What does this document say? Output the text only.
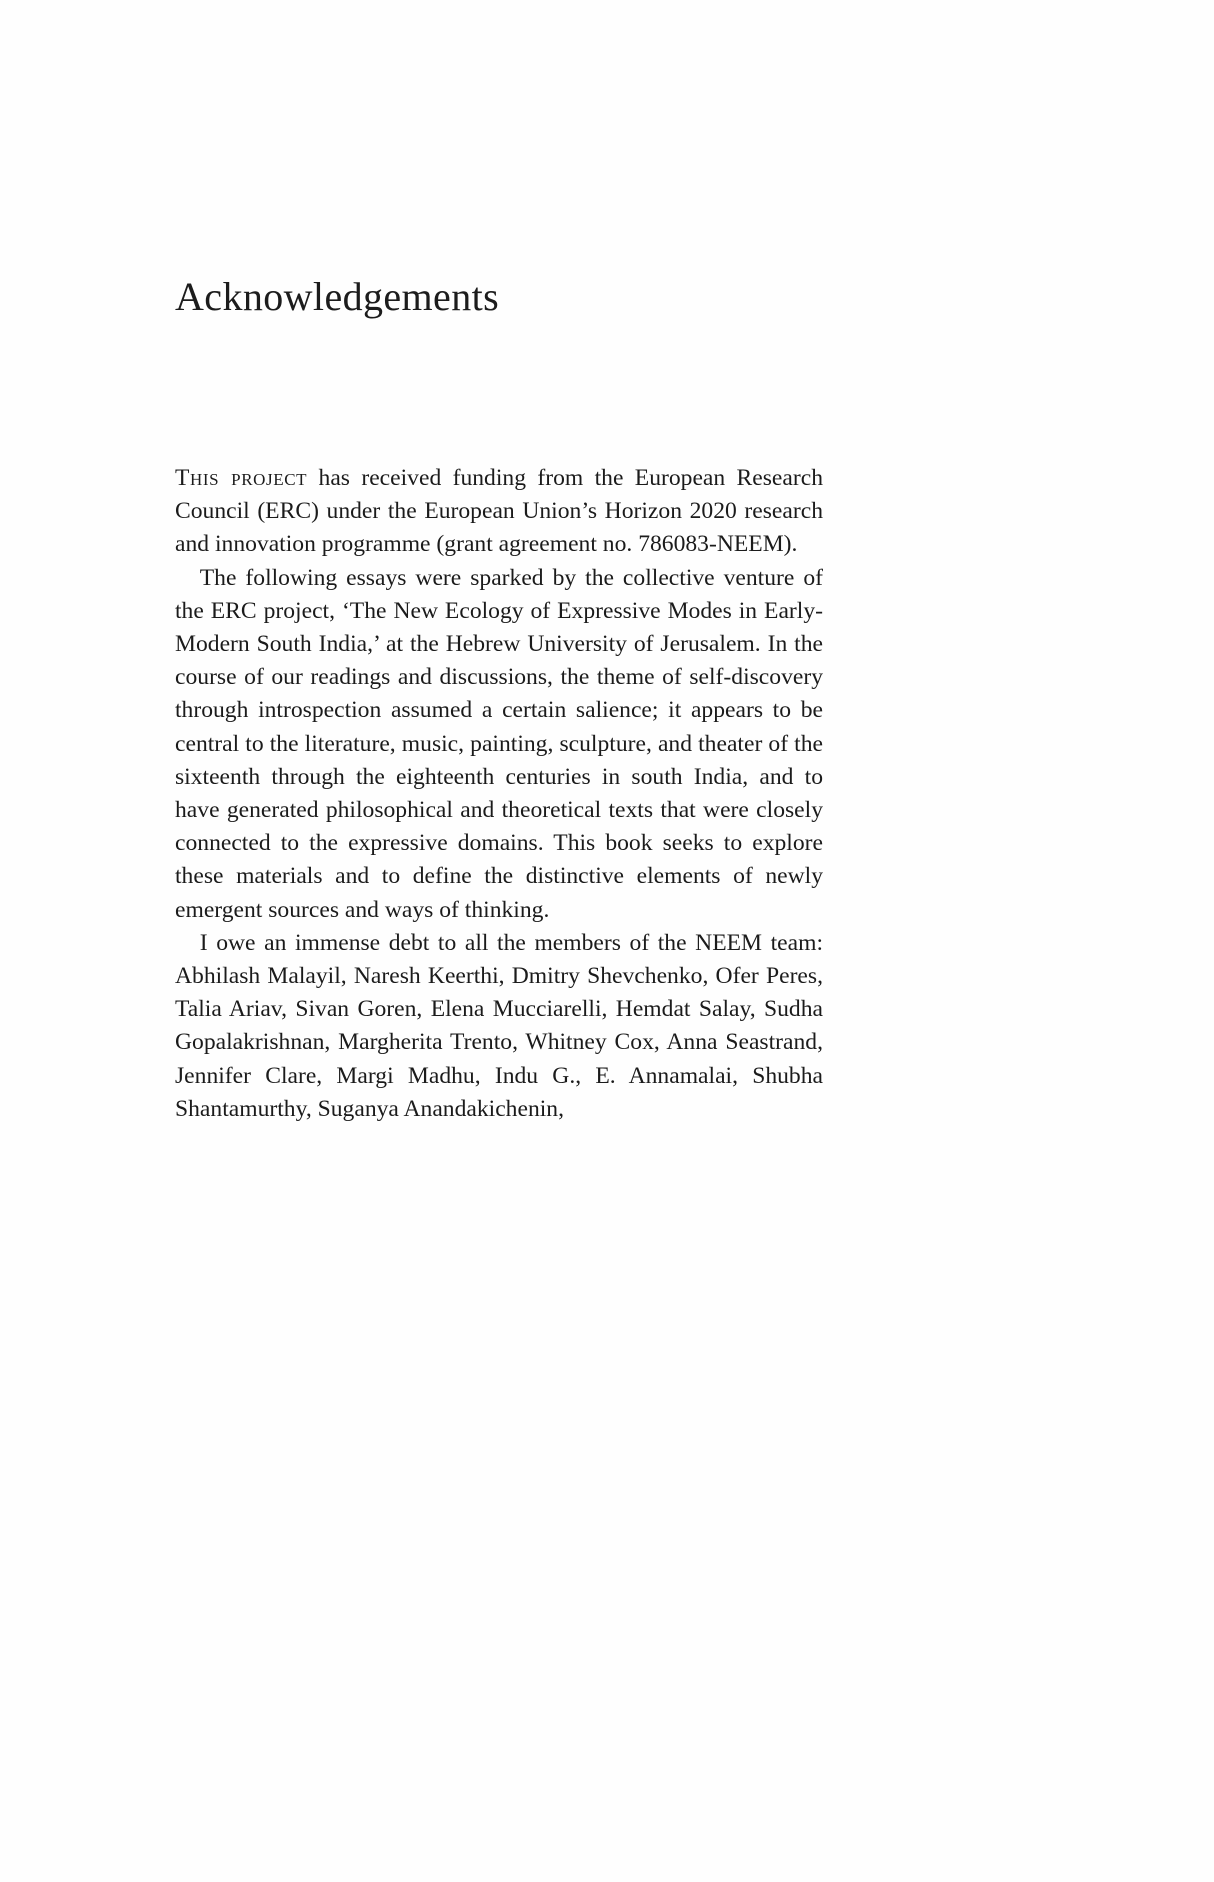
Acknowledgements

This project has received funding from the European Research Council (ERC) under the European Union’s Horizon 2020 research and innovation programme (grant agreement no. 786083-NEEM).

The following essays were sparked by the collective venture of the ERC project, ‘The New Ecology of Expressive Modes in Early-Modern South India,’ at the Hebrew University of Jerusalem. In the course of our readings and discussions, the theme of self-discovery through introspection assumed a certain salience; it appears to be central to the literature, music, painting, sculpture, and theater of the sixteenth through the eighteenth centuries in south India, and to have generated philosophical and theoretical texts that were closely connected to the expressive domains. This book seeks to explore these materials and to define the distinctive elements of newly emergent sources and ways of thinking.

I owe an immense debt to all the members of the NEEM team: Abhilash Malayil, Naresh Keerthi, Dmitry Shevchenko, Ofer Peres, Talia Ariav, Sivan Goren, Elena Mucciarelli, Hemdat Salay, Sudha Gopalakrishnan, Margherita Trento, Whitney Cox, Anna Seastrand, Jennifer Clare, Margi Madhu, Indu G., E. Annamalai, Shubha Shantamurthy, Suganya Anandakichenin,
